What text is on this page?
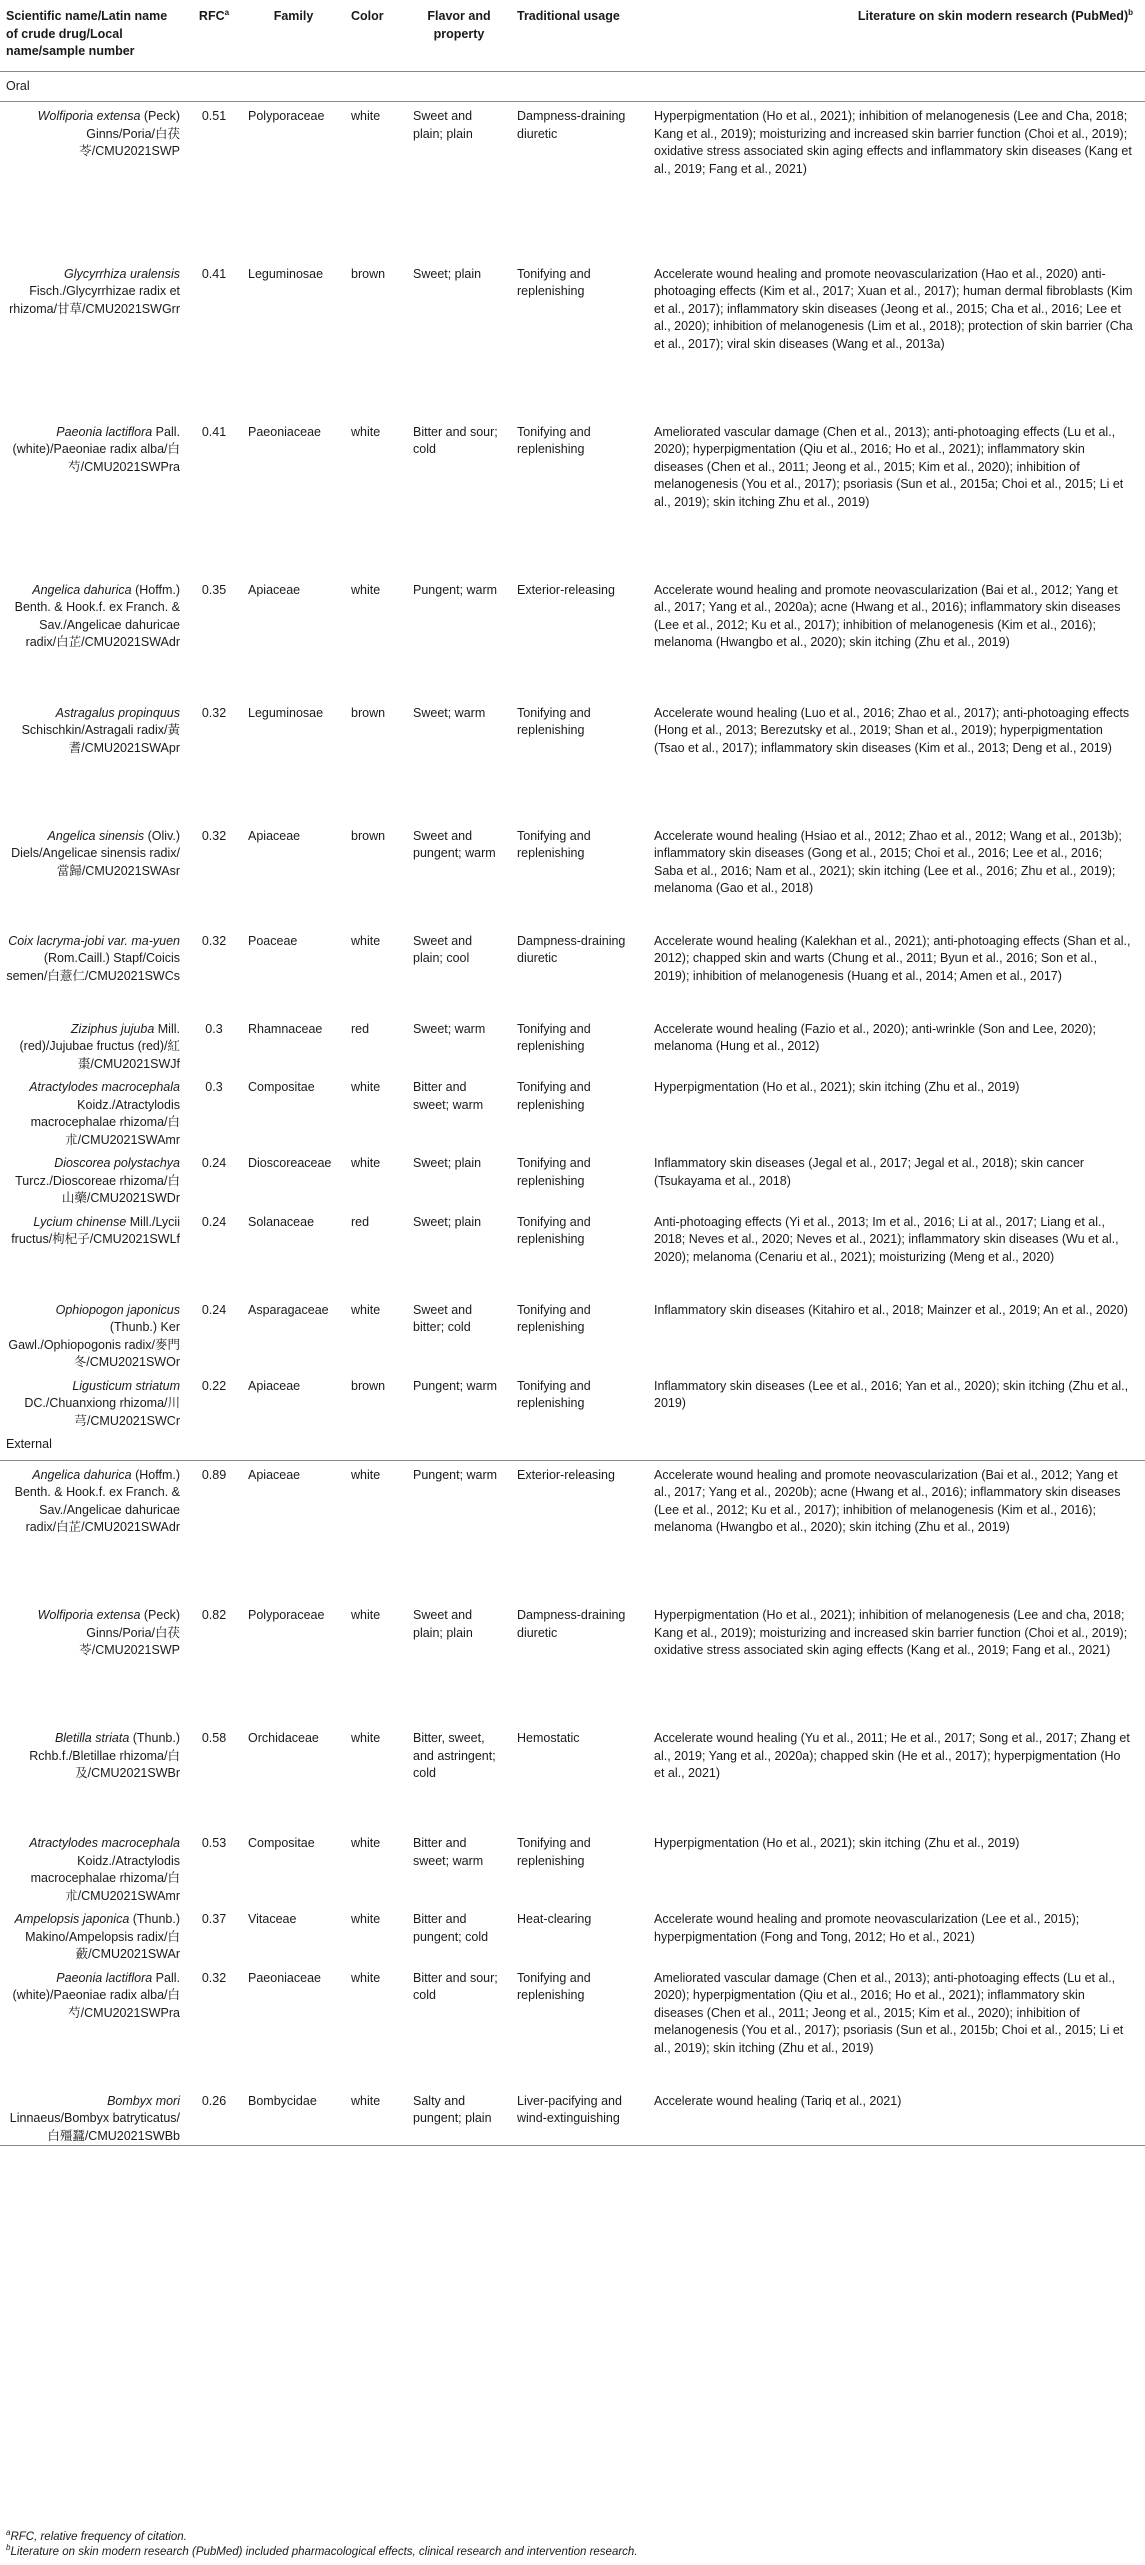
Scientific name/Latin name of crude drug/Local name/sample number	RFC$^a$	Family	Color	Flavor and property	Traditional usage	Literature on skin modern research (PubMed)$^b$
Oral						
Wolfiporia extensa (Peck) Ginns/Poria/白茯苓/CMU2021SWP	0.51	Polyporaceae	white	Sweet and plain; plain	Dampness-draining diuretic	Hyperpigmentation (Ho et al., 2021); inhibition of melanogenesis (Lee and Cha, 2018; Kang et al., 2019); moisturizing and increased skin barrier function (Choi et al., 2019); oxidative stress associated skin aging effects and inflammatory skin diseases (Kang et al., 2019; Fang et al., 2021)
Glycyrrhiza uralensis Fisch./Glycyrrhizae radix et rhizoma/甘草/CMU2021SWGrr	0.41	Leguminosae	brown	Sweet; plain	Tonifying and replenishing	Accelerate wound healing and promote neovascularization (Hao et al., 2020) anti-photoaging effects (Kim et al., 2017; Xuan et al., 2017); human dermal fibroblasts (Kim et al., 2017); inflammatory skin diseases (Jeong et al., 2015; Cha et al., 2016; Lee et al., 2020); inhibition of melanogenesis (Lim et al., 2018); protection of skin barrier (Cha et al., 2017); viral skin diseases (Wang et al., 2013a)
Paeonia lactiflora Pall. (white)/Paeoniae radix alba/白芍/CMU2021SWPra	0.41	Paeoniaceae	white	Bitter and sour; cold	Tonifying and replenishing	Ameliorated vascular damage (Chen et al., 2013); anti-photoaging effects (Lu et al., 2020); hyperpigmentation (Qiu et al., 2016; Ho et al., 2021); inflammatory skin diseases (Chen et al., 2011; Jeong et al., 2015; Kim et al., 2020); inhibition of melanogenesis (You et al., 2017); psoriasis (Sun et al., 2015a; Choi et al., 2015; Li et al., 2019); skin itching Zhu et al., 2019)
Angelica dahurica (Hoffm.) Benth. & Hook.f. ex Franch. & Sav./Angelicae dahuricae radix/白芷/CMU2021SWAdr	0.35	Apiaceae	white	Pungent; warm	Exterior-releasing	Accelerate wound healing and promote neovascularization (Bai et al., 2012; Yang et al., 2017; Yang et al., 2020a); acne (Hwang et al., 2016); inflammatory skin diseases (Lee et al., 2012; Ku et al., 2017); inhibition of melanogenesis (Kim et al., 2016); melanoma (Hwangbo et al., 2020); skin itching (Zhu et al., 2019)
Astragalus propinquus Schischkin/Astragali radix/黃耆/CMU2021SWApr	0.32	Leguminosae	brown	Sweet; warm	Tonifying and replenishing	Accelerate wound healing (Luo et al., 2016; Zhao et al., 2017); anti-photoaging effects (Hong et al., 2013; Berezutsky et al., 2019; Shan et al., 2019); hyperpigmentation (Tsao et al., 2017); inflammatory skin diseases (Kim et al., 2013; Deng et al., 2019)
Angelica sinensis (Oliv.) Diels/Angelicae sinensis radix/當歸/CMU2021SWAsr	0.32	Apiaceae	brown	Sweet and pungent; warm	Tonifying and replenishing	Accelerate wound healing (Hsiao et al., 2012; Zhao et al., 2012; Wang et al., 2013b); inflammatory skin diseases (Gong et al., 2015; Choi et al., 2016; Lee et al., 2016; Saba et al., 2016; Nam et al., 2021); skin itching (Lee et al., 2016; Zhu et al., 2019); melanoma (Gao et al., 2018)
Coix lacryma-jobi var. ma-yuen (Rom.Caill.) Stapf/Coicis semen/白薏仁/CMU2021SWCs	0.32	Poaceae	white	Sweet and plain; cool	Dampness-draining diuretic	Accelerate wound healing (Kalekhan et al., 2021); anti-photoaging effects (Shan et al., 2012); chapped skin and warts (Chung et al., 2011; Byun et al., 2016; Son et al., 2019); inhibition of melanogenesis (Huang et al., 2014; Amen et al., 2017)
Ziziphus jujuba Mill. (red)/Jujubae fructus (red)/紅棗/CMU2021SWJf	0.3	Rhamnaceae	red	Sweet; warm	Tonifying and replenishing	Accelerate wound healing (Fazio et al., 2020); anti-wrinkle (Son and Lee, 2020); melanoma (Hung et al., 2012)
Atractylodes macrocephala Koidz./Atractylodis macrocephalae rhizoma/白朮/CMU2021SWAmr	0.3	Compositae	white	Bitter and sweet; warm	Tonifying and replenishing	Hyperpigmentation (Ho et al., 2021); skin itching (Zhu et al., 2019)
Dioscorea polystachya Turcz./Dioscoreae rhizoma/白山藥/CMU2021SWDr	0.24	Dioscoreaceae	white	Sweet; plain	Tonifying and replenishing	Inflammatory skin diseases (Jegal et al., 2017; Jegal et al., 2018); skin cancer (Tsukayama et al., 2018)
Lycium chinense Mill./Lycii fructus/枸杞子/CMU2021SWLf	0.24	Solanaceae	red	Sweet; plain	Tonifying and replenishing	Anti-photoaging effects (Yi et al., 2013; Im et al., 2016; Li at al., 2017; Liang et al., 2018; Neves et al., 2020; Neves et al., 2021); inflammatory skin diseases (Wu et al., 2020); melanoma (Cenariu et al., 2021); moisturizing (Meng et al., 2020)
Ophiopogon japonicus (Thunb.) Ker Gawl./Ophiopogonis radix/麥門冬/CMU2021SWOr	0.24	Asparagaceae	white	Sweet and bitter; cold	Tonifying and replenishing	Inflammatory skin diseases (Kitahiro et al., 2018; Mainzer et al., 2019; An et al., 2020)
Ligusticum striatum DC./Chuanxiong rhizoma/川芎/CMU2021SWCr	0.22	Apiaceae	brown	Pungent; warm	Tonifying and replenishing	Inflammatory skin diseases (Lee et al., 2016; Yan et al., 2020); skin itching (Zhu et al., 2019)
External						
Angelica dahurica (Hoffm.) Benth. & Hook.f. ex Franch. & Sav./Angelicae dahuricae radix/白芷/CMU2021SWAdr	0.89	Apiaceae	white	Pungent; warm	Exterior-releasing	Accelerate wound healing and promote neovascularization (Bai et al., 2012; Yang et al., 2017; Yang et al., 2020b); acne (Hwang et al., 2016); inflammatory skin diseases (Lee et al., 2012; Ku et al., 2017); inhibition of melanogenesis (Kim et al., 2016); melanoma (Hwangbo et al., 2020); skin itching (Zhu et al., 2019)
Wolfiporia extensa (Peck) Ginns/Poria/白茯苓/CMU2021SWP	0.82	Polyporaceae	white	Sweet and plain; plain	Dampness-draining diuretic	Hyperpigmentation (Ho et al., 2021); inhibition of melanogenesis (Lee and cha, 2018; Kang et al., 2019); moisturizing and increased skin barrier function (Choi et al., 2019); oxidative stress associated skin aging effects (Kang et al., 2019; Fang et al., 2021)
Bletilla striata (Thunb.) Rchb.f./Bletillae rhizoma/白及/CMU2021SWBr	0.58	Orchidaceae	white	Bitter, sweet, and astringent; cold	Hemostatic	Accelerate wound healing (Yu et al., 2011; He et al., 2017; Song et al., 2017; Zhang et al., 2019; Yang et al., 2020a); chapped skin (He et al., 2017); hyperpigmentation (Ho et al., 2021)
Atractylodes macrocephala Koidz./Atractylodis macrocephalae rhizoma/白朮/CMU2021SWAmr	0.53	Compositae	white	Bitter and sweet; warm	Tonifying and replenishing	Hyperpigmentation (Ho et al., 2021); skin itching (Zhu et al., 2019)
Ampelopsis japonica (Thunb.) Makino/Ampelopsis radix/白蘞/CMU2021SWAr	0.37	Vitaceae	white	Bitter and pungent; cold	Heat-clearing	Accelerate wound healing and promote neovascularization (Lee et al., 2015); hyperpigmentation (Fong and Tong, 2012; Ho et al., 2021)
Paeonia lactiflora Pall. (white)/Paeoniae radix alba/白芍/CMU2021SWPra	0.32	Paeoniaceae	white	Bitter and sour; cold	Tonifying and replenishing	Ameliorated vascular damage (Chen et al., 2013); anti-photoaging effects (Lu et al., 2020); hyperpigmentation (Qiu et al., 2016; Ho et al., 2021); inflammatory skin diseases (Chen et al., 2011; Jeong et al., 2015; Kim et al., 2020); inhibition of melanogenesis (You et al., 2017); psoriasis (Sun et al., 2015b; Choi et al., 2015; Li et al., 2019); skin itching (Zhu et al., 2019)
Bombyx mori Linnaeus/Bombyx batryticatus/白殭蠶/CMU2021SWBb	0.26	Bombycidae	white	Salty and pungent; plain	Liver-pacifying and wind-extinguishing	Accelerate wound healing (Tariq et al., 2021)
$^a$RFC, relative frequency of citation.
$^b$Literature on skin modern research (PubMed) included pharmacological effects, clinical research and intervention research.
